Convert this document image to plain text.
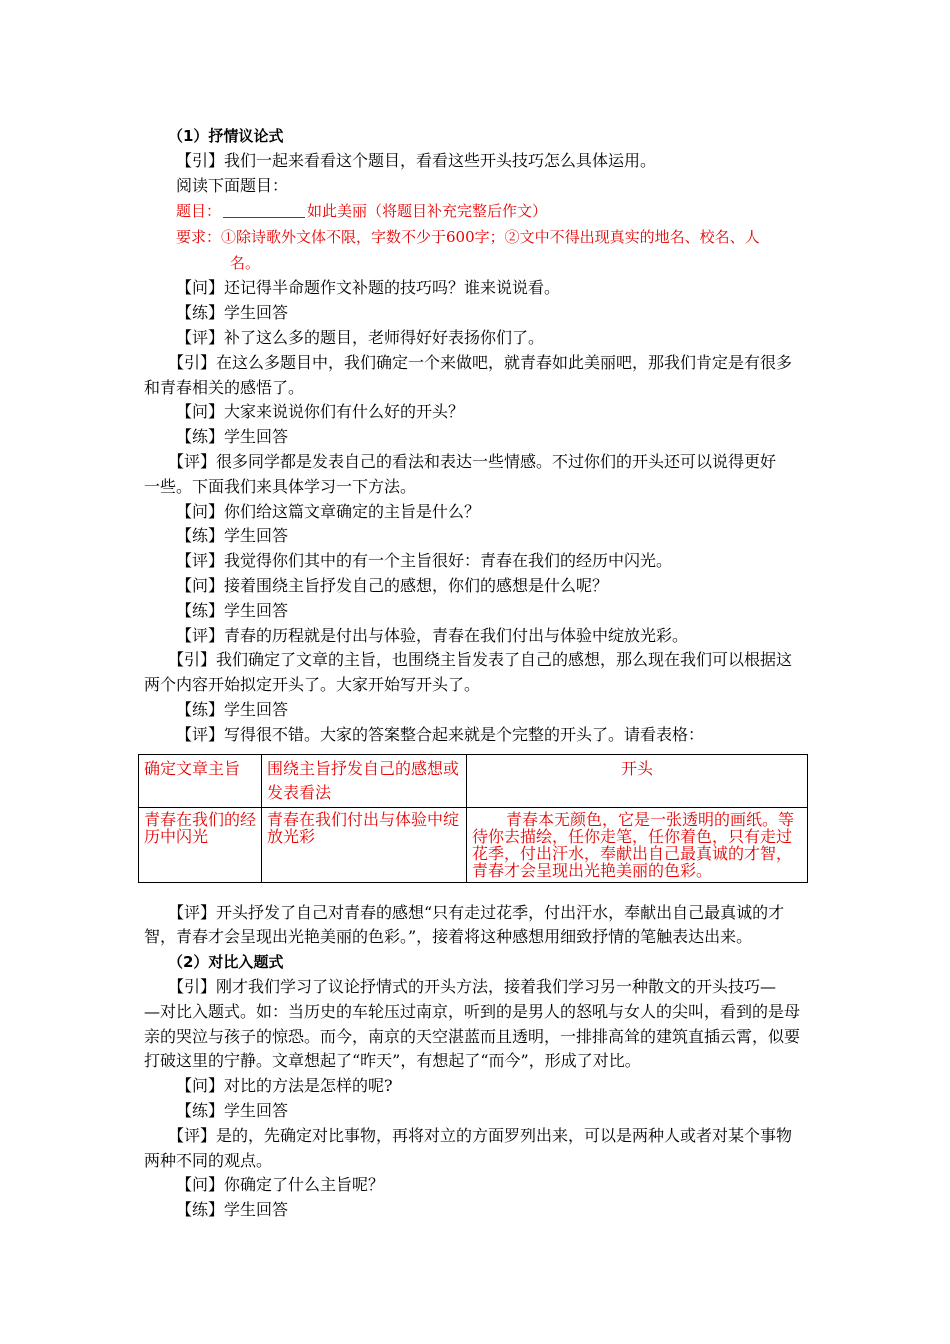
（1）抒情议论式

【引】我们一起来看看这个题目，看看这些开头技巧怎么具体运用。

阅读下面题目：

题目：	如此美丽（将题目补充完整后作文）

要求：①除诗歌外文体不限，字数不少于600字；②文中不得出现真实的地名、校名、人

名。

【问】还记得半命题作文补题的技巧吗？谁来说说看。

【练】学生回答

【评】补了这么多的题目，老师得好好表扬你们了。

【引】在这么多题目中，我们确定一个来做吧，就青春如此美丽吧，那我们肯定是有很多

和青春相关的感悟了。

【问】大家来说说你们有什么好的开头？

【练】学生回答

【评】很多同学都是发表自己的看法和表达一些情感。不过你们的开头还可以说得更好

一些。下面我们来具体学习一下方法。

【问】你们给这篇文章确定的主旨是什么？

【练】学生回答

【评】我觉得你们其中的有一个主旨很好：青春在我们的经历中闪光。

【问】接着围绕主旨抒发自己的感想，你们的感想是什么呢？

【练】学生回答

【评】青春的历程就是付出与体验，青春在我们付出与体验中绽放光彩。

【引】我们确定了文章的主旨，也围绕主旨发表了自己的感想，那么现在我们可以根据这

两个内容开始拟定开头了。大家开始写开头了。

【练】学生回答

【评】写得很不错。大家的答案整合起来就是个完整的开头了。请看表格：

确定文章主旨	围绕主旨抒发自己的感想或发表看法	开头
青春在我们的经历中闪光	青春在我们付出与体验中绽放光彩	青春本无颜色，它是一张透明的画纸。等待你去描绘，任你走笔，任你着色，只有走过花季，付出汗水，奉献出自己最真诚的才智，青春才会呈现出光艳美丽的色彩。

【评】开头抒发了自己对青春的感想“只有走过花季，付出汗水，奉献出自己最真诚的才

智，青春才会呈现出光艳美丽的色彩。”，接着将这种感想用细致抒情的笔触表达出来。

（2）对比入题式

【引】刚才我们学习了议论抒情式的开头方法，接着我们学习另一种散文的开头技巧—

—对比入题式。如：当历史的车轮压过南京，听到的是男人的怒吼与女人的尖叫，看到的是母

亲的哭泣与孩子的惊恐。而今，南京的天空湛蓝而且透明，一排排高耸的建筑直插云霄，似要

打破这里的宁静。文章想起了“昨天”，有想起了“而今”，形成了对比。

【问】对比的方法是怎样的呢?

【练】学生回答

【评】是的，先确定对比事物，再将对立的方面罗列出来，可以是两种人或者对某个事物

两种不同的观点。

【问】你确定了什么主旨呢？

【练】学生回答
